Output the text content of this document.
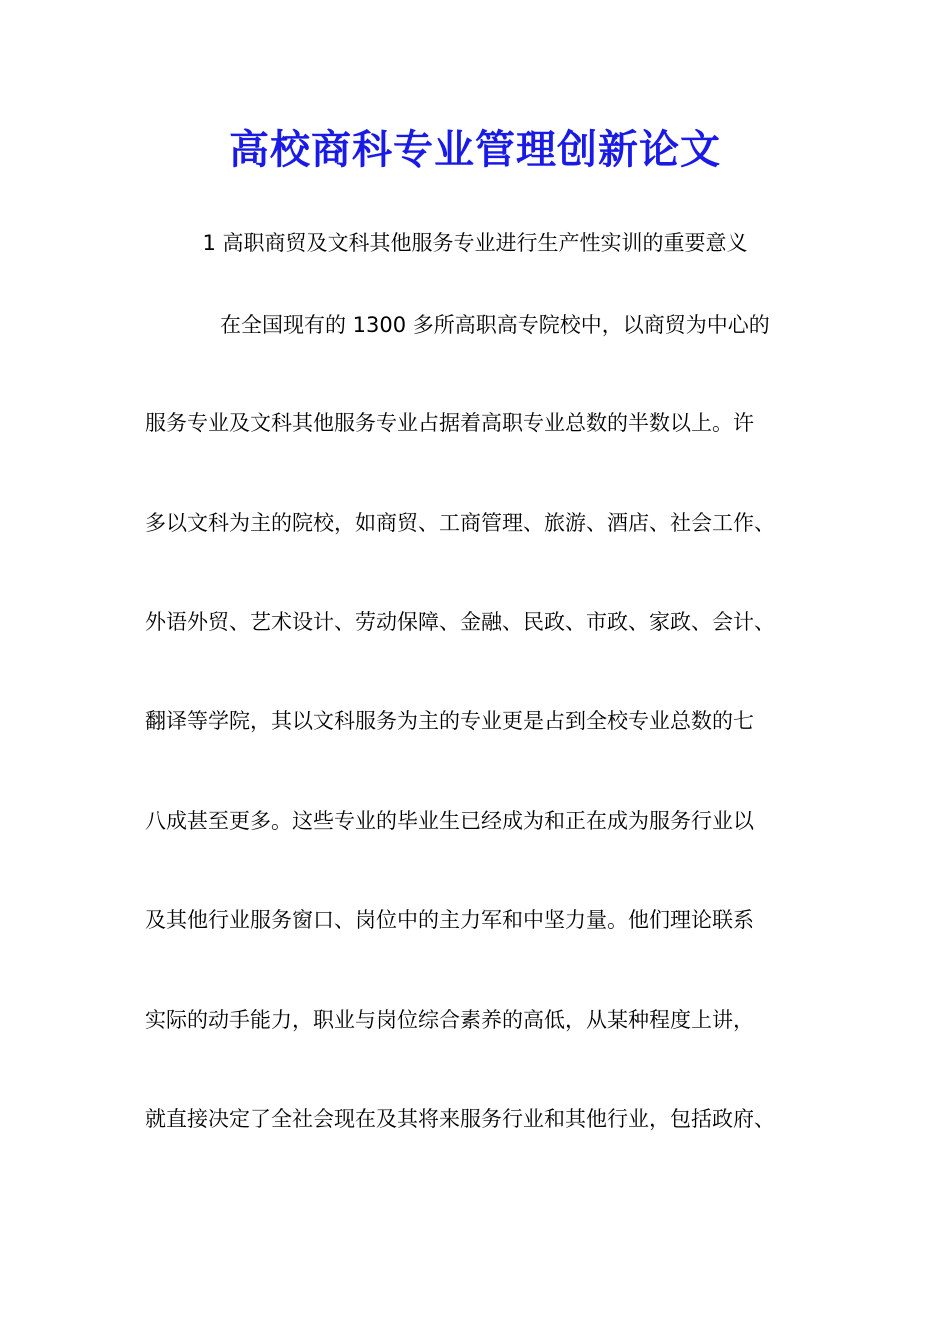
高校商科专业管理创新论文
1 高职商贸及文科其他服务专业进行生产性实训的重要意义
在全国现有的 1300 多所高职高专院校中，以商贸为中心的
服务专业及文科其他服务专业占据着高职专业总数的半数以上。许
多以文科为主的院校，如商贸、工商管理、旅游、酒店、社会工作、
外语外贸、艺术设计、劳动保障、金融、民政、市政、家政、会计、
翻译等学院，其以文科服务为主的专业更是占到全校专业总数的七
八成甚至更多。这些专业的毕业生已经成为和正在成为服务行业以
及其他行业服务窗口、岗位中的主力军和中坚力量。他们理论联系
实际的动手能力，职业与岗位综合素养的高低，从某种程度上讲，
就直接决定了全社会现在及其将来服务行业和其他行业，包括政府、
